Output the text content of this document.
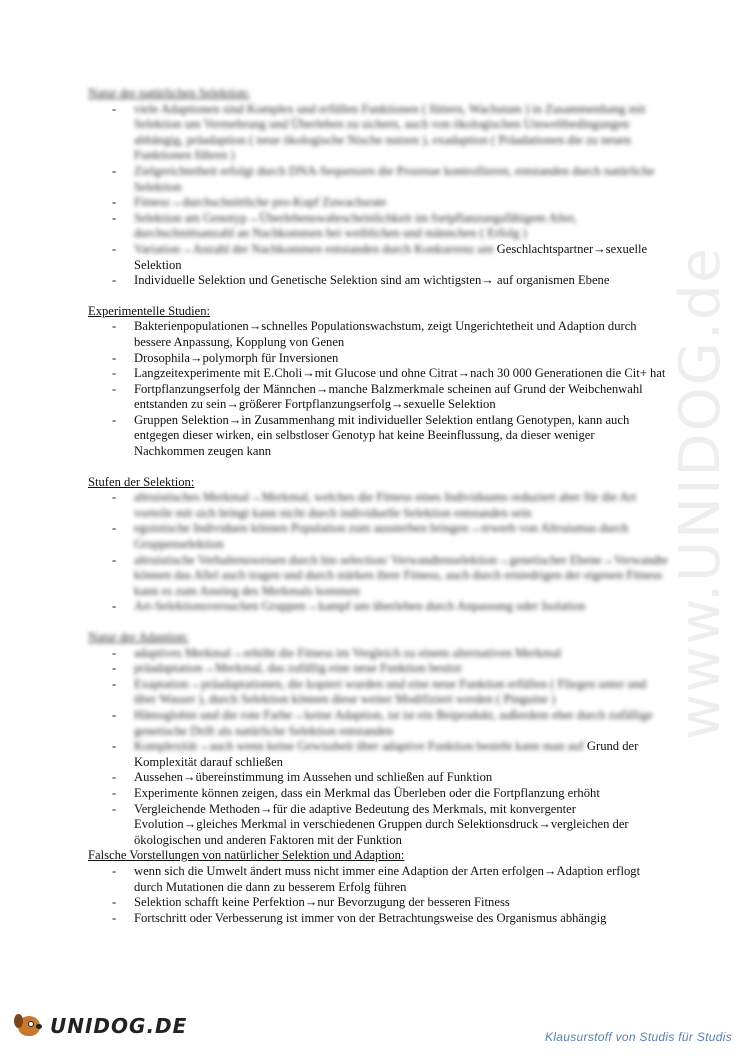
www.UNIDOG.de
Natur der natürlichen Selektion:
- viele Adaptionen sind Komplex und erfüllen Funktionen ( füttern, Wachstum ) in Zusammenhang mit Selektion um Vermehrung und Überleben zu sichern, auch von ökologischen Umweltbedingungen abhängig, präadaption ( neue ökologische Nische nutzen ), exadaption ( Präadationen die zu neuen Funktionen führen )
- Zielgerichtetheit erfolgt durch DNA-Sequenzen die Prozesse kontrollieren, entstanden durch natürliche Selektion
- Fitness→durchschnittliche pro-Kopf Zuwachsrate
- Selektion am Genotyp→Überlebenswahrscheinlichkeit im fortpflanzungsfähigem Alter, durchschnittsanzahl an Nachkommen bei weiblichen und männchen ( Erfolg )
- Variation→Anzahl der Nachkommen entstanden durch Konkurrenz um Geschlachtspartner→sexuelle Selektion
- Individuelle Selektion und Genetische Selektion sind am wichtigsten→ auf organismen Ebene
Experimentelle Studien:
- Bakterienpopulationen→schnelles Populationswachstum, zeigt Ungerichtetheit und Adaption durch bessere Anpassung, Kopplung von Genen
- Drosophila→polymorph für Inversionen
- Langzeitexperimente mit E.Choli→mit Glucose und ohne Citrat→nach 30 000 Generationen die Cit+ hat
- Fortpflanzungserfolg der Männchen→manche Balzmerkmale scheinen auf Grund der Weibchenwahl entstanden zu sein→größerer Fortpflanzungserfolg→sexuelle Selektion
- Gruppen Selektion→in Zusammenhang mit individueller Selektion entlang Genotypen, kann auch entgegen dieser wirken, ein selbstloser Genotyp hat keine Beeinflussung, da dieser weniger Nachkommen zeugen kann
Stufen der Selektion:
- altruistisches Merkmal→Merkmal, welches die Fitness eines Individuums reduziert aber für die Art vorteile mit sich bringt kann nicht durch individuelle Selektion entstanden sein
- egoistische Individuen können Population zum aussterben bringen→erwerb von Altruismus durch Gruppenselektion
- altruistische Verhaltensweisen durch hin selection/ Verwandtenselektion→genetischer Ebene→Verwandte können das Allel auch tragen und durch stärken ihrer Fitness, auch durch erniedrigen der eigenen Fitness kann es zum Anstieg des Merkmals kommen
- Art-Selektionsversuchen Gruppen→kampf um überleben durch Anpassung oder Isolation
Natur der Adaption:
- adaptives Merkmal→erhöht die Fitness im Vergleich zu einem alternativen Merkmal
- präadaptation→Merkmal, das zufällig eine neue Funktion besitzt
- Exaptation→präadaptationen, die kopiert wurden und eine neue Funktion erfüllen ( Fliegen unter und über Wasser ), durch Selektion können diese weiter Modifiziert werden ( Pinguine )
- Hämoglobin und die rote Farbe→keine Adaption, ist ist ein Beiprodukt, außerdem eher durch zufällige genetische Drift als natürliche Selektion entstanden
- Komplexität→auch wenn keine Gewissheit über adaptive Funktion besteht kann man auf Grund der Komplexität darauf schließen
- Aussehen→übereinstimmung im Aussehen und schließen auf Funktion
- Experimente können zeigen, dass ein Merkmal das Überleben oder die Fortpflanzung erhöht
- Vergleichende Methoden→für die adaptive Bedeutung des Merkmals, mit konvergenter Evolution→gleiches Merkmal in verschiedenen Gruppen durch Selektionsdruck→vergleichen der ökologischen und anderen Faktoren mit der Funktion
Falsche Vorstellungen von natürlicher Selektion und Adaption:
- wenn sich die Umwelt ändert muss nicht immer eine Adaption der Arten erfolgen→Adaption erflogt durch Mutationen die dann zu besserem Erfolg führen
- Selektion schafft keine Perfektion→nur Bevorzugung der besseren Fitness
- Fortschritt oder Verbesserung ist immer von der Betrachtungsweise des Organismus abhängig
UNIDOG.DE	Klausurstoff von Studis für Studis
